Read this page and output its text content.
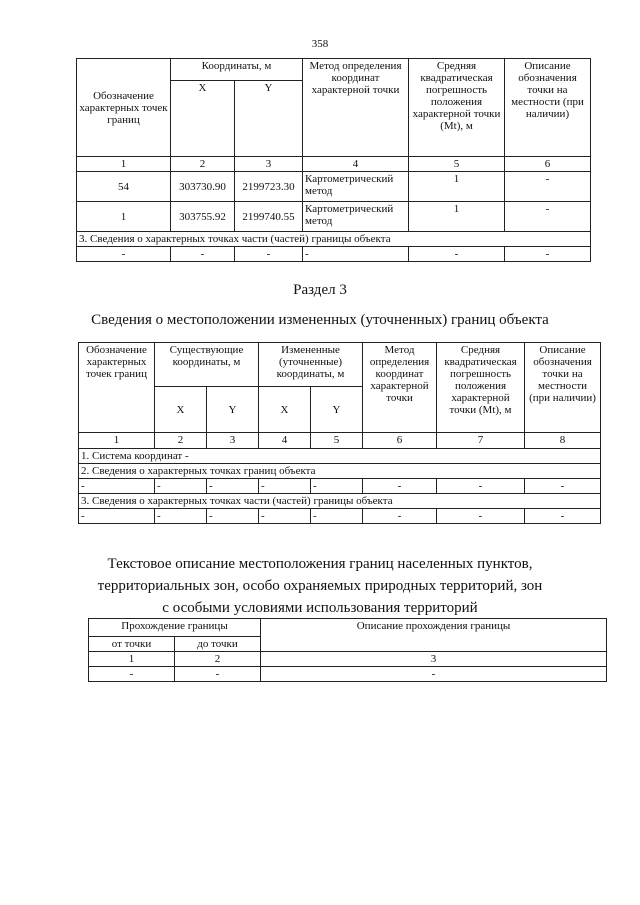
358
Обозначение характерных точек границ	Координаты, м		Метод определения координат характерной точки	Средняя квадратическая погрешность положения характерной точки (Mt), м	Описание обозначения точки на местности (при наличии)
	X	Y			
1	2	3	4	5	6
54	303730.90	2199723.30	Картометрический метод	1	-
1	303755.92	2199740.55	Картометрический метод	1	-
3. Сведения о характерных точках части (частей) границы объекта					
-	-	-	-	-	-
Раздел 3
Сведения о местоположении измененных (уточненных) границ объекта
Обозначение характерных точек границ	Существующие координаты, м		Измененные (уточненные) координаты, м		Метод определения координат характерной точки	Средняя квадратическая погрешность положения характерной точки (Mt), м	Описание обозначения точки на местности (при наличии)
	X	Y	X	Y			
1	2	3	4	5	6	7	8
1. Система координат -							
2. Сведения о характерных точках границ объекта							
-	-	-	-	-	-	-	-
3. Сведения о характерных точках части (частей) границы объекта							
-	-	-	-	-	-	-	-
Текстовое описание местоположения границ населенных пунктов,
территориальных зон, особо охраняемых природных территорий, зон
с особыми условиями использования территорий
Прохождение границы		Описание прохождения границы
от точки	до точки	
1	2	3
-	-	-
